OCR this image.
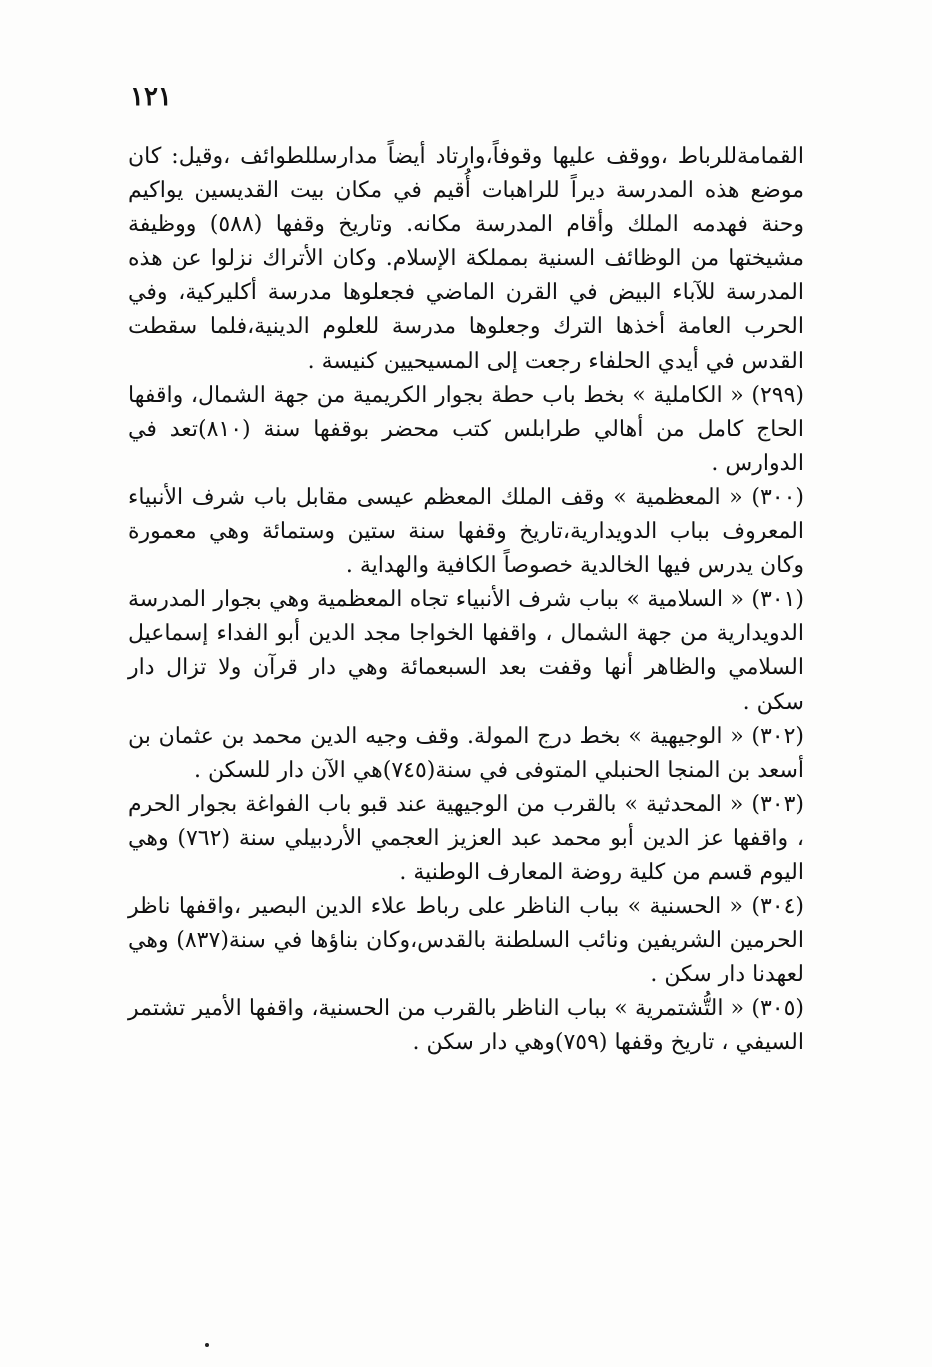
١٢١

القمامةللرباط ،ووقف عليها وقوفاً،وارتاد أيضاً مدارسللطوائف ،وقيل: كان موضع هذه المدرسة ديراً للراهبات أُقيم في مكان بيت القديسين يواكيم وحنة فهدمه الملك وأقام المدرسة مكانه. وتاريخ وقفها (٥٨٨) ووظيفة مشيختها من الوظائف السنية بمملكة الإسلام. وكان الأتراك نزلوا عن هذه المدرسة للآباء البيض في القرن الماضي فجعلوها مدرسة أكليركية، وفي الحرب العامة أخذها الترك وجعلوها مدرسة للعلوم الدينية،فلما سقطت القدس في أيدي الحلفاء رجعت إلى المسيحيين كنيسة .

(٢٩٩) « الكاملية » بخط باب حطة بجوار الكريمية من جهة الشمال، واقفها الحاج كامل من أهالي طرابلس كتب محضر بوقفها سنة (٨١٠)تعد في الدوارس .

(٣٠٠) « المعظمية » وقف الملك المعظم عيسى مقابل باب شرف الأنبياء المعروف بباب الدويدارية،تاريخ وقفها سنة ستين وستمائة وهي معمورة وكان يدرس فيها الخالدية خصوصاً الكافية والهداية .

(٣٠١) « السلامية » بباب شرف الأنبياء تجاه المعظمية وهي بجوار المدرسة الدويدارية من جهة الشمال ، واقفها الخواجا مجد الدين أبو الفداء إسماعيل السلامي والظاهر أنها وقفت بعد السبعمائة وهي دار قرآن ولا تزال دار سكن .

(٣٠٢) « الوجيهية » بخط درج المولة. وقف وجيه الدين محمد بن عثمان بن أسعد بن المنجا الحنبلي المتوفى في سنة(٧٤٥)هي الآن دار للسكن .

(٣٠٣) « المحدثية » بالقرب من الوجيهية عند قبو باب الفواغة بجوار الحرم ، واقفها عز الدين أبو محمد عبد العزيز العجمي الأردبيلي سنة (٧٦٢) وهي اليوم قسم من كلية روضة المعارف الوطنية .

(٣٠٤) « الحسنية » بباب الناظر على رباط علاء الدين البصير ،واقفها ناظر الحرمين الشريفين ونائب السلطنة بالقدس،وكان بناؤها في سنة(٨٣٧) وهي لعهدنا دار سكن .

(٣٠٥) « التُّشتمرية » بباب الناظر بالقرب من الحسنية، واقفها الأمير تشتمر السيفي ، تاريخ وقفها (٧٥٩)وهي دار سكن .
